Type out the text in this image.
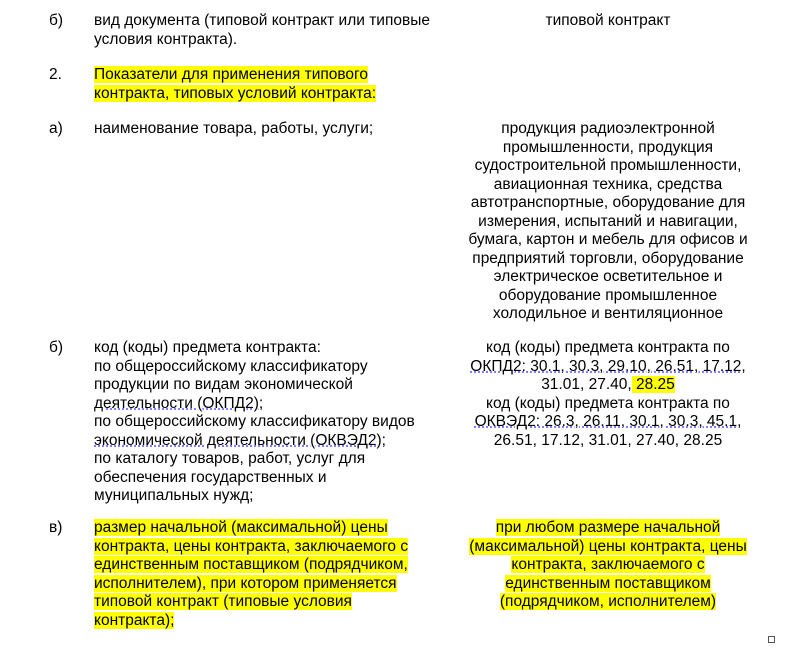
б) вид документа (типовой контракт или типовые
условия контракта).
типовой контракт
2. Показатели для применения типового
контракта, типовых условий контракта:
а) наименование товара, работы, услуги;	продукция радиоэлектронной
промышленности, продукция
судостроительной промышленности,
авиационная техника, средства
автотранспортные, оборудование для
измерения, испытаний и навигации,
бумага, картон и мебель для офисов и
предприятий торговли, оборудование
электрическое осветительное и
оборудование промышленное
холодильное и вентиляционное
б) код (коды) предмета контракта:
по общероссийскому классификатору
продукции по видам экономической
деятельности (ОКПД2);
по общероссийскому классификатору видов
экономической деятельности (ОКВЭД2);
по каталогу товаров, работ, услуг для
обеспечения государственных и
муниципальных нужд;
код (коды) предмета контракта по
ОКПД2: 30.1, 30.3, 29.10, 26.51, 17.12,
31.01, 27.40, 28.25
код (коды) предмета контракта по
ОКВЭД2: 26.3, 26.11, 30.1, 30.3, 45.1,
26.51, 17.12, 31.01, 27.40, 28.25
в) размер начальной (максимальной) цены
контракта, цены контракта, заключаемого с
единственным поставщиком (подрядчиком,
исполнителем), при котором применяется
типовой контракт (типовые условия
контракта);
при любом размере начальной
(максимальной) цены контракта, цены
контракта, заключаемого с
единственным поставщиком
(подрядчиком, исполнителем)
